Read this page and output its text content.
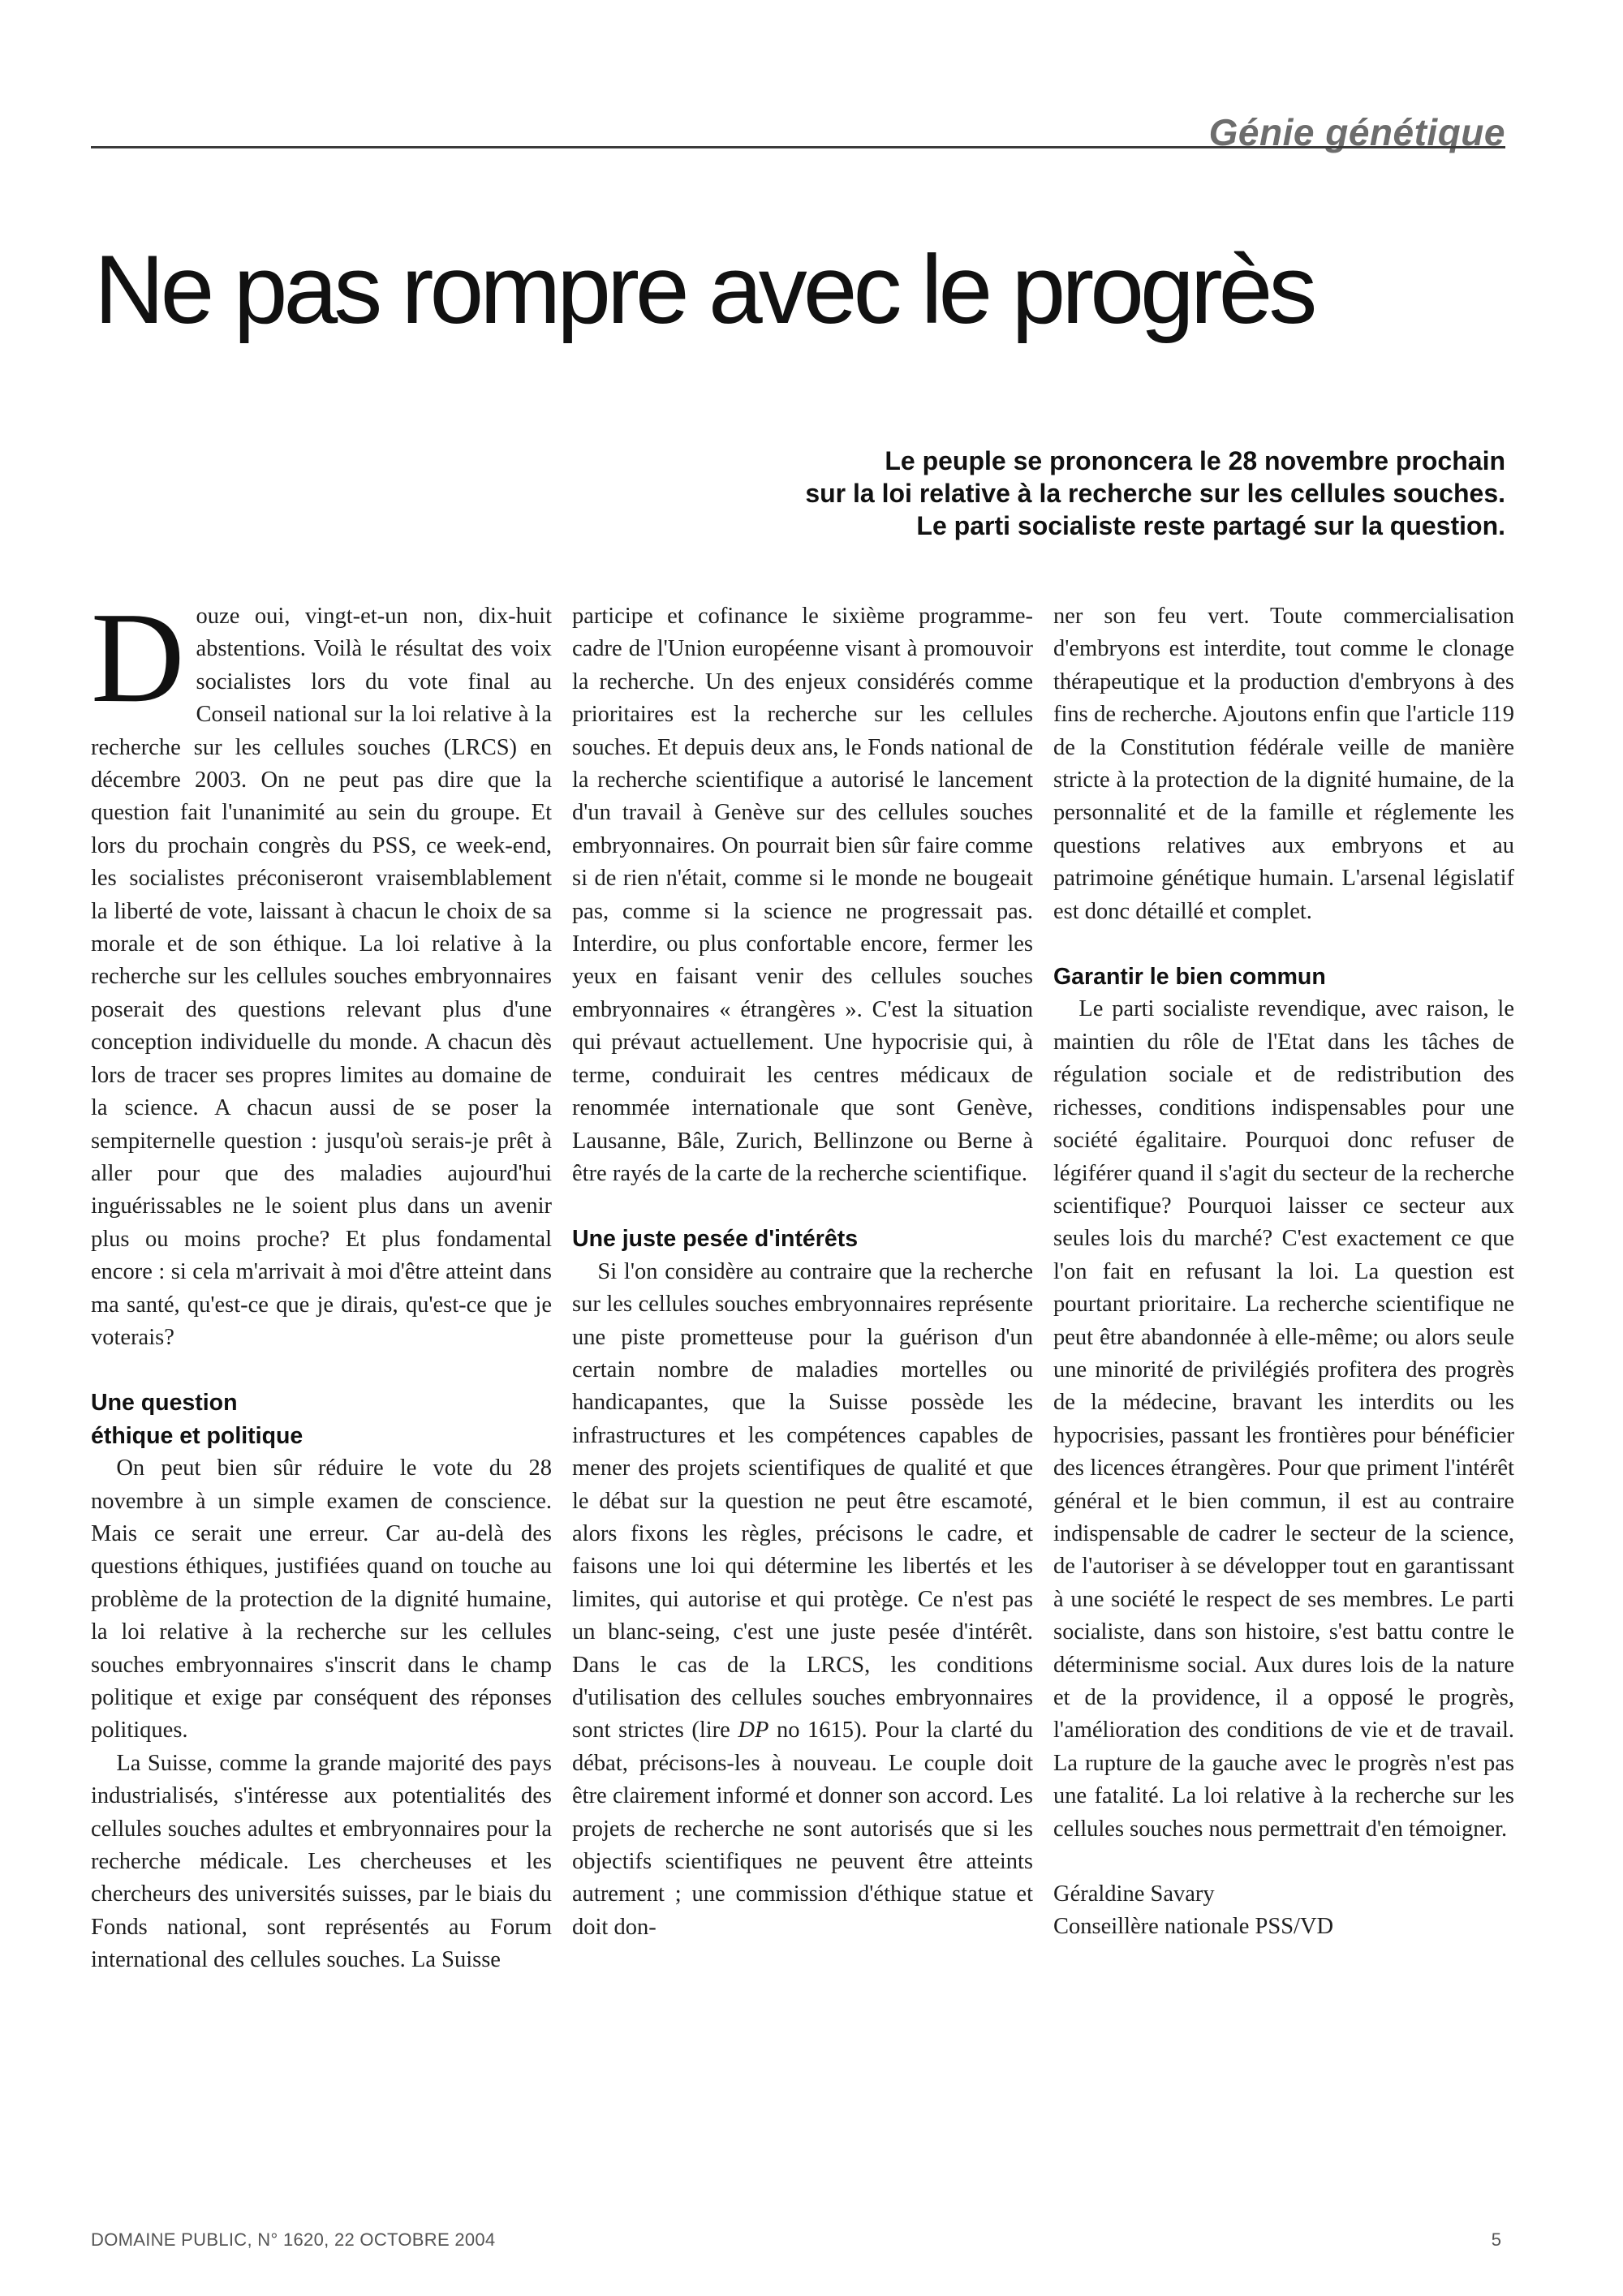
Génie génétique
Ne pas rompre avec le progrès
Le peuple se prononcera le 28 novembre prochain
sur la loi relative à la recherche sur les cellules souches.
Le parti socialiste reste partagé sur la question.

Douze oui, vingt-et-un non, dix-huit abstentions. Voilà le résultat des voix socialistes lors du vote final au Conseil national sur la loi relative à la recherche sur les cellules souches (LRCS) en décembre 2003. On ne peut pas dire que la question fait l'unanimité au sein du groupe. Et lors du prochain congrès du PSS, ce week-end, les socialistes préconiseront vraisemblablement la liberté de vote, laissant à chacun le choix de sa morale et de son éthique. La loi relative à la recherche sur les cellules souches embryonnaires poserait des questions relevant plus d'une conception individuelle du monde. A chacun dès lors de tracer ses propres limites au domaine de la science. A chacun aussi de se poser la sempiternelle question : jusqu'où serais-je prêt à aller pour que des maladies aujourd'hui inguérissables ne le soient plus dans un avenir plus ou moins proche? Et plus fondamental encore : si cela m'arrivait à moi d'être atteint dans ma santé, qu'est-ce que je dirais, qu'est-ce que je voterais?

Une question
éthique et politique

On peut bien sûr réduire le vote du 28 novembre à un simple examen de conscience. Mais ce serait une erreur. Car au-delà des questions éthiques, justifiées quand on touche au problème de la protection de la dignité humaine, la loi relative à la recherche sur les cellules souches embryonnaires s'inscrit dans le champ politique et exige par conséquent des réponses politiques.

La Suisse, comme la grande majorité des pays industrialisés, s'intéresse aux potentialités des cellules souches adultes et embryonnaires pour la recherche médicale. Les chercheuses et les chercheurs des universités suisses, par le biais du Fonds national, sont représentés au Forum international des cellules souches. La Suisse

participe et cofinance le sixième programme-cadre de l'Union européenne visant à promouvoir la recherche. Un des enjeux considérés comme prioritaires est la recherche sur les cellules souches. Et depuis deux ans, le Fonds national de la recherche scientifique a autorisé le lancement d'un travail à Genève sur des cellules souches embryonnaires. On pourrait bien sûr faire comme si de rien n'était, comme si le monde ne bougeait pas, comme si la science ne progressait pas. Interdire, ou plus confortable encore, fermer les yeux en faisant venir des cellules souches embryonnaires « étrangères ». C'est la situation qui prévaut actuellement. Une hypocrisie qui, à terme, conduirait les centres médicaux de renommée internationale que sont Genève, Lausanne, Bâle, Zurich, Bellinzone ou Berne à être rayés de la carte de la recherche scientifique.

Une juste pesée d'intérêts

Si l'on considère au contraire que la recherche sur les cellules souches embryonnaires représente une piste prometteuse pour la guérison d'un certain nombre de maladies mortelles ou handicapantes, que la Suisse possède les infrastructures et les compétences capables de mener des projets scientifiques de qualité et que le débat sur la question ne peut être escamoté, alors fixons les règles, précisons le cadre, et faisons une loi qui détermine les libertés et les limites, qui autorise et qui protège. Ce n'est pas un blanc-seing, c'est une juste pesée d'intérêt. Dans le cas de la LRCS, les conditions d'utilisation des cellules souches embryonnaires sont strictes (lire DP no 1615). Pour la clarté du débat, précisons-les à nouveau. Le couple doit être clairement informé et donner son accord. Les projets de recherche ne sont autorisés que si les objectifs scientifiques ne peuvent être atteints autrement ; une commission d'éthique statue et doit don-

ner son feu vert. Toute commercialisation d'embryons est interdite, tout comme le clonage thérapeutique et la production d'embryons à des fins de recherche. Ajoutons enfin que l'article 119 de la Constitution fédérale veille de manière stricte à la protection de la dignité humaine, de la personnalité et de la famille et réglemente les questions relatives aux embryons et au patrimoine génétique humain. L'arsenal législatif est donc détaillé et complet.

Garantir le bien commun

Le parti socialiste revendique, avec raison, le maintien du rôle de l'Etat dans les tâches de régulation sociale et de redistribution des richesses, conditions indispensables pour une société égalitaire. Pourquoi donc refuser de légiférer quand il s'agit du secteur de la recherche scientifique? Pourquoi laisser ce secteur aux seules lois du marché? C'est exactement ce que l'on fait en refusant la loi. La question est pourtant prioritaire. La recherche scientifique ne peut être abandonnée à elle-même; ou alors seule une minorité de privilégiés profitera des progrès de la médecine, bravant les interdits ou les hypocrisies, passant les frontières pour bénéficier des licences étrangères. Pour que priment l'intérêt général et le bien commun, il est au contraire indispensable de cadrer le secteur de la science, de l'autoriser à se développer tout en garantissant à une société le respect de ses membres. Le parti socialiste, dans son histoire, s'est battu contre le déterminisme social. Aux dures lois de la nature et de la providence, il a opposé le progrès, l'amélioration des conditions de vie et de travail. La rupture de la gauche avec le progrès n'est pas une fatalité. La loi relative à la recherche sur les cellules souches nous permettrait d'en témoigner.

Géraldine Savary
Conseillère nationale PSS/VD
DOMAINE PUBLIC, N° 1620, 22 OCTOBRE 2004	5
